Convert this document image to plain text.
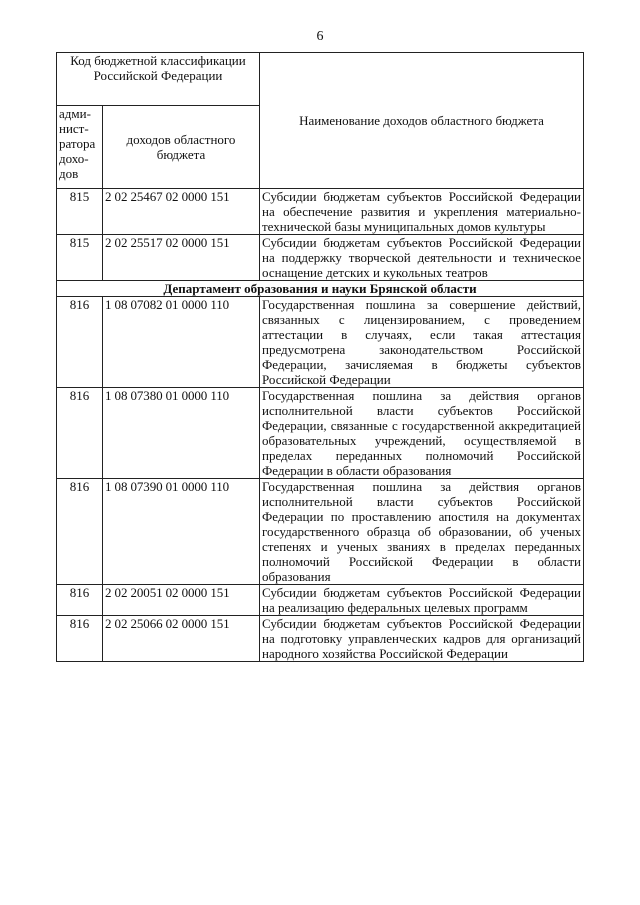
6
Код бюджетной классификации Российской Федерации		Наименование доходов областного бюджета
адми-
нист-
ратора
дохо-
дов	доходов областного бюджета	
815	2 02 25467 02 0000 151	Субсидии бюджетам субъектов Российской Федерации на обеспечение развития и укрепления материально-технической базы муниципальных домов культуры
815	2 02 25517 02 0000 151	Субсидии бюджетам субъектов Российской Федерации на поддержку творческой деятельности и техническое оснащение детских и кукольных театров
Департамент образования и науки Брянской области		
816	1 08 07082 01 0000 110	Государственная пошлина за совершение действий, связанных с лицензированием, с проведением аттестации в случаях, если такая аттестация предусмотрена законодательством Российской Федерации, зачисляемая в бюджеты субъектов Российской Федерации
816	1 08 07380 01 0000 110	Государственная пошлина за действия органов исполнительной власти субъектов Российской Федерации, связанные с государственной аккредитацией образовательных учреждений, осуществляемой в пределах переданных полномочий Российской Федерации в области образования
816	1 08 07390 01 0000 110	Государственная пошлина за действия органов исполнительной власти субъектов Российской Федерации по проставлению апостиля на документах государственного образца об образовании, об ученых степенях и ученых званиях в пределах переданных полномочий Российской Федерации в области образования
816	2 02 20051 02 0000 151	Субсидии бюджетам субъектов Российской Федерации на реализацию федеральных целевых программ
816	2 02 25066 02 0000 151	Субсидии бюджетам субъектов Российской Федерации на подготовку управленческих кадров для организаций народного хозяйства Российской Федерации
